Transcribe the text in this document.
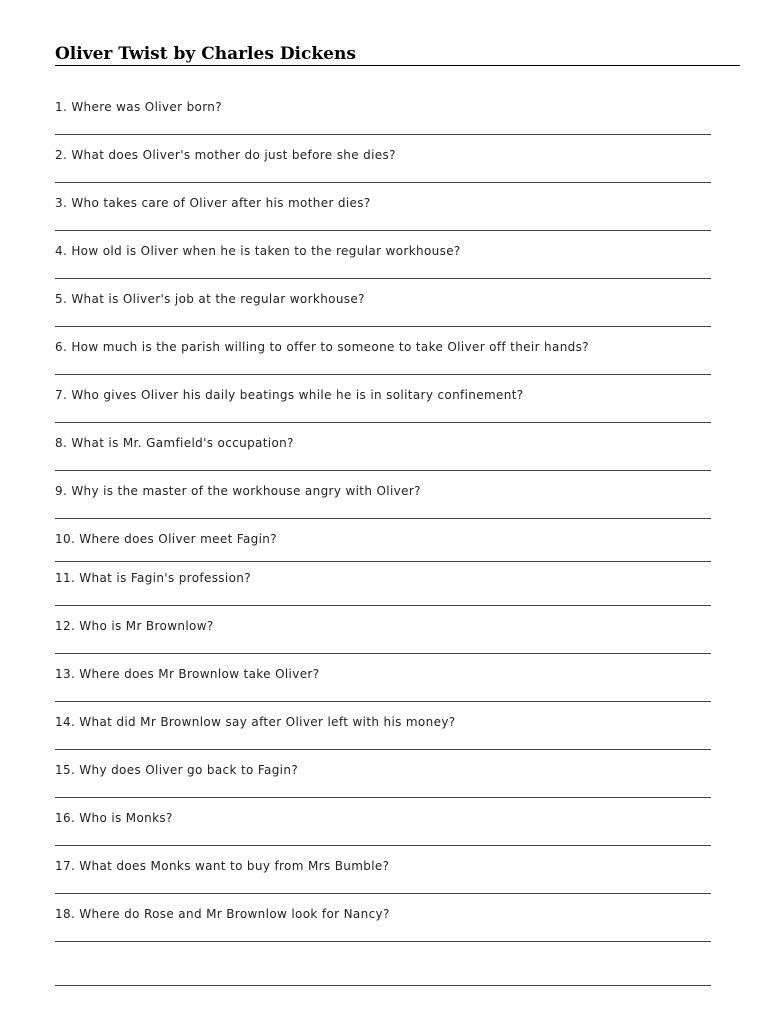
Oliver Twist by Charles Dickens
1. Where was Oliver born?
2. What does Oliver's mother do just before she dies?
3. Who takes care of Oliver after his mother dies?
4. How old is Oliver when he is taken to the regular workhouse?
5. What is Oliver's job at the regular workhouse?
6. How much is the parish willing to offer to someone to take Oliver off their hands?
7. Who gives Oliver his daily beatings while he is in solitary confinement?
8. What is Mr. Gamfield's occupation?
9. Why is the master of the workhouse angry with Oliver?
10. Where does Oliver meet Fagin?
11. What is Fagin's profession?
12. Who is Mr Brownlow?
13. Where does Mr Brownlow take Oliver?
14. What did Mr Brownlow say after Oliver left with his money?
15. Why does Oliver go back to Fagin?
16. Who is Monks?
17. What does Monks want to buy from Mrs Bumble?
18. Where do Rose and Mr Brownlow look for Nancy?
